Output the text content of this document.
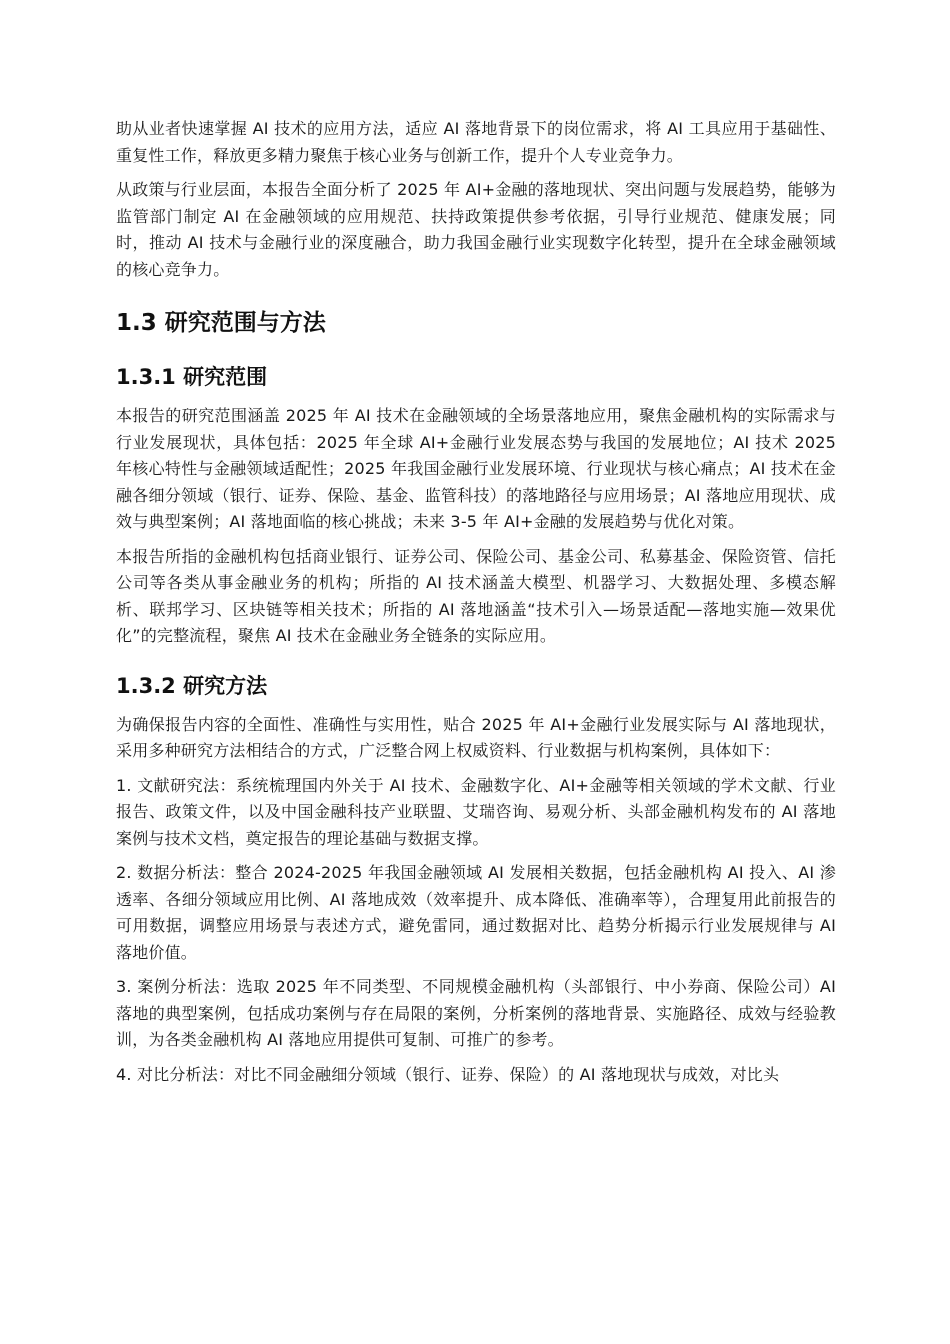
助从业者快速掌握 AI 技术的应用方法，适应 AI 落地背景下的岗位需求，将 AI 工具应用于基础性、重复性工作，释放更多精力聚焦于核心业务与创新工作，提升个人专业竞争力。

从政策与行业层面，本报告全面分析了 2025 年 AI+金融的落地现状、突出问题与发展趋势，能够为监管部门制定 AI 在金融领域的应用规范、扶持政策提供参考依据，引导行业规范、健康发展；同时，推动 AI 技术与金融行业的深度融合，助力我国金融行业实现数字化转型，提升在全球金融领域的核心竞争力。

1.3 研究范围与方法
1.3.1 研究范围

本报告的研究范围涵盖 2025 年 AI 技术在金融领域的全场景落地应用，聚焦金融机构的实际需求与行业发展现状，具体包括：2025 年全球 AI+金融行业发展态势与我国的发展地位；AI 技术 2025 年核心特性与金融领域适配性；2025 年我国金融行业发展环境、行业现状与核心痛点；AI 技术在金融各细分领域（银行、证券、保险、基金、监管科技）的落地路径与应用场景；AI 落地应用现状、成效与典型案例；AI 落地面临的核心挑战；未来 3-5 年 AI+金融的发展趋势与优化对策。

本报告所指的金融机构包括商业银行、证券公司、保险公司、基金公司、私募基金、保险资管、信托公司等各类从事金融业务的机构；所指的 AI 技术涵盖大模型、机器学习、大数据处理、多模态解析、联邦学习、区块链等相关技术；所指的 AI 落地涵盖“技术引入—场景适配—落地实施—效果优化”的完整流程，聚焦 AI 技术在金融业务全链条的实际应用。

1.3.2 研究方法

为确保报告内容的全面性、准确性与实用性，贴合 2025 年 AI+金融行业发展实际与 AI 落地现状，采用多种研究方法相结合的方式，广泛整合网上权威资料、行业数据与机构案例，具体如下：

1. 文献研究法：系统梳理国内外关于 AI 技术、金融数字化、AI+金融等相关领域的学术文献、行业报告、政策文件，以及中国金融科技产业联盟、艾瑞咨询、易观分析、头部金融机构发布的 AI 落地案例与技术文档，奠定报告的理论基础与数据支撑。

2. 数据分析法：整合 2024-2025 年我国金融领域 AI 发展相关数据，包括金融机构 AI 投入、AI 渗透率、各细分领域应用比例、AI 落地成效（效率提升、成本降低、准确率等），合理复用此前报告的可用数据，调整应用场景与表述方式，避免雷同，通过数据对比、趋势分析揭示行业发展规律与 AI 落地价值。

3. 案例分析法：选取 2025 年不同类型、不同规模金融机构（头部银行、中小券商、保险公司）AI 落地的典型案例，包括成功案例与存在局限的案例，分析案例的落地背景、实施路径、成效与经验教训，为各类金融机构 AI 落地应用提供可复制、可推广的参考。

4. 对比分析法：对比不同金融细分领域（银行、证券、保险）的 AI 落地现状与成效，对比头
